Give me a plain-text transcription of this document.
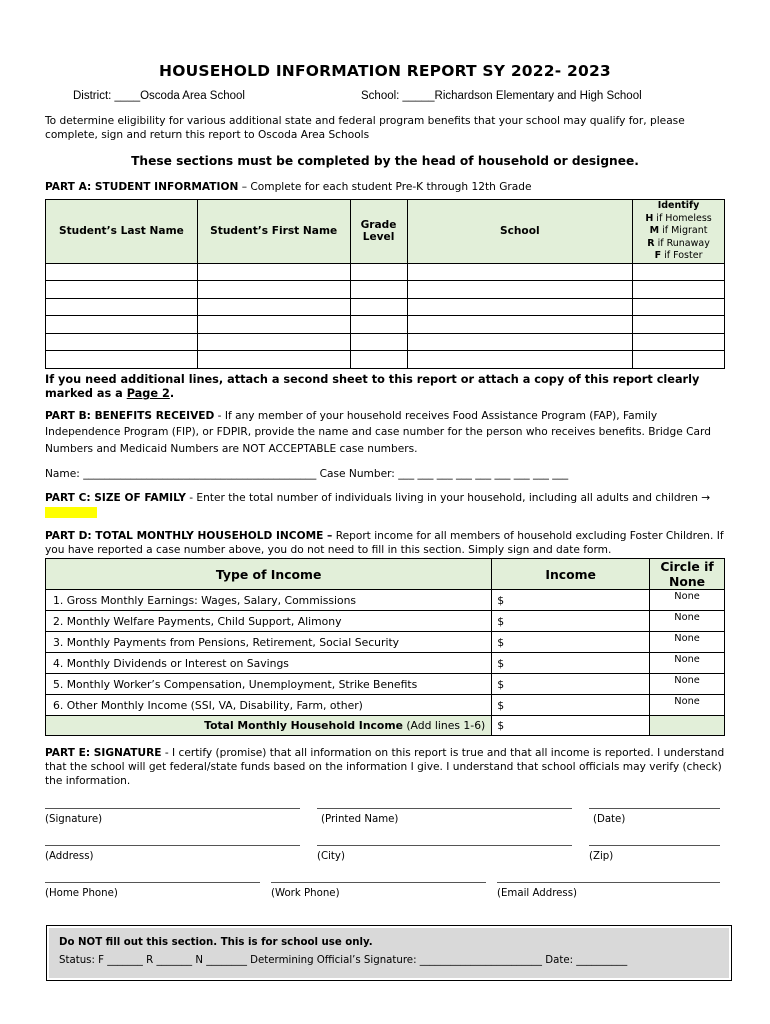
HOUSEHOLD INFORMATION REPORT SY 2022- 2023
District: ____Oscoda Area School	School: _____Richardson Elementary and High School

To determine eligibility for various additional state and federal program benefits that your school may qualify for, please complete, sign and return this report to Oscoda Area Schools

These sections must be completed by the head of household or designee.

PART A: STUDENT INFORMATION – Complete for each student Pre-K through 12th Grade

Student’s Last Name	Student’s First Name	Grade Level	School	Identify
H if Homeless
M if Migrant
R if Runaway
F if Foster

If you need additional lines, attach a second sheet to this report or attach a copy of this report clearly marked as a Page 2.

PART B: BENEFITS RECEIVED - If any member of your household receives Food Assistance Program (FAP), Family Independence Program (FIP), or FDPIR, provide the name and case number for the person who receives benefits. Bridge Card Numbers and Medicaid Numbers are NOT ACCEPTABLE case numbers.

Name: ____________________________________________ Case Number: ___ ___ ___ ___ ___ ___ ___ ___ ___

PART C: SIZE OF FAMILY - Enter the total number of individuals living in your household, including all adults and children →

PART D: TOTAL MONTHLY HOUSEHOLD INCOME – Report income for all members of household excluding Foster Children. If you have reported a case number above, you do not need to fill in this section. Simply sign and date form.

Type of Income	Income	Circle if None
1. Gross Monthly Earnings: Wages, Salary, Commissions	$	None
2. Monthly Welfare Payments, Child Support, Alimony	$	None
3. Monthly Payments from Pensions, Retirement, Social Security	$	None
4. Monthly Dividends or Interest on Savings	$	None
5. Monthly Worker’s Compensation, Unemployment, Strike Benefits	$	None
6. Other Monthly Income (SSI, VA, Disability, Farm, other)	$	None
Total Monthly Household Income (Add lines 1-6)	$	

PART E: SIGNATURE - I certify (promise) that all information on this report is true and that all income is reported. I understand that the school will get federal/state funds based on the information I give. I understand that school officials may verify (check) the information.

(Signature)	(Printed Name)	(Date)
(Address)	(City)	(Zip)
(Home Phone)	(Work Phone)	(Email Address)
Do NOT fill out this section. This is for school use only.
Status: F _______ R _______ N ________ Determining Official’s Signature: ________________________ Date: __________
